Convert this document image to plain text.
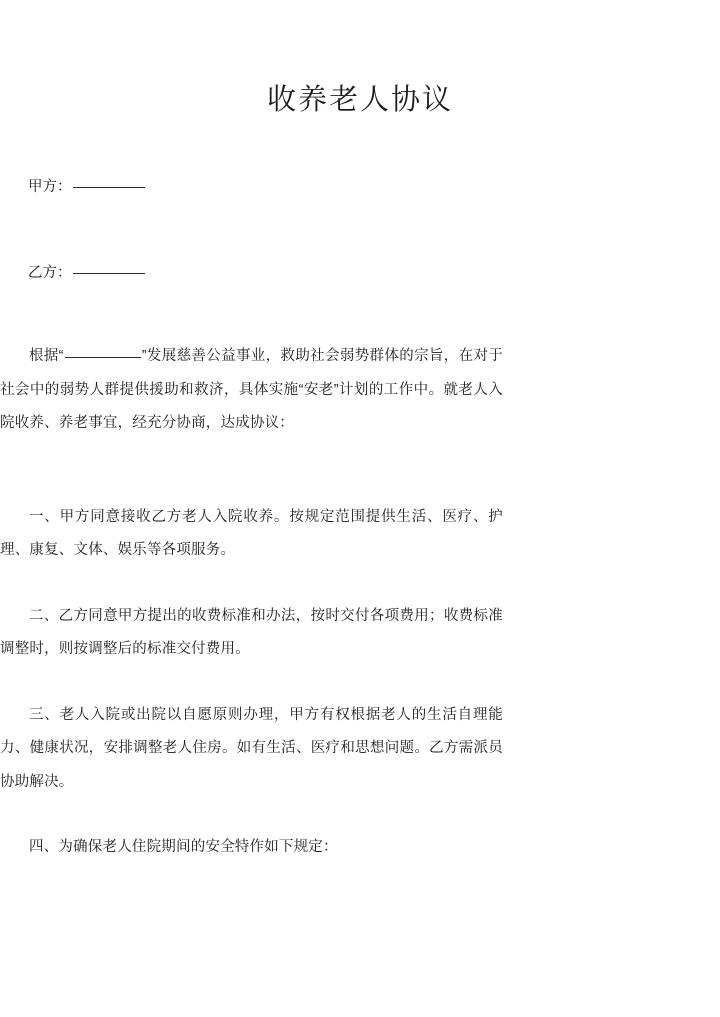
收养老人协议
甲方：
乙方：

根据“	”发展慈善公益事业，救助社会弱势群体的宗旨，在对于社会中的弱势人群提供援助和救济，具体实施“安老”计划的工作中。就老人入院收养、养老事宜，经充分协商，达成协议：

一、甲方同意接收乙方老人入院收养。按规定范围提供生活、医疗、护理、康复、文体、娱乐等各项服务。

二、乙方同意甲方提出的收费标准和办法，按时交付各项费用；收费标准调整时，则按调整后的标准交付费用。

三、老人入院或出院以自愿原则办理，甲方有权根据老人的生活自理能力、健康状况，安排调整老人住房。如有生活、医疗和思想问题。乙方需派员协助解决。

四、为确保老人住院期间的安全特作如下规定：
